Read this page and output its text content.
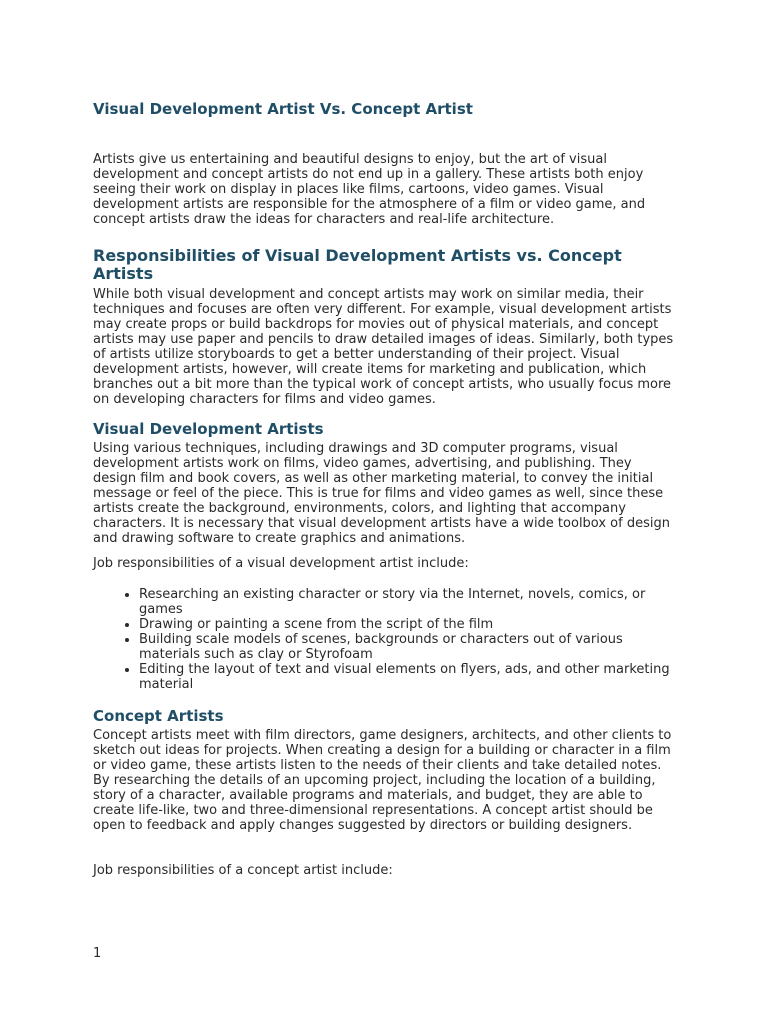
Visual Development Artist Vs. Concept Artist

Artists give us entertaining and beautiful designs to enjoy, but the art of visual development and concept artists do not end up in a gallery. These artists both enjoy seeing their work on display in places like films, cartoons, video games. Visual development artists are responsible for the atmosphere of a film or video game, and concept artists draw the ideas for characters and real-life architecture.

Responsibilities of Visual Development Artists vs. Concept Artists

While both visual development and concept artists may work on similar media, their techniques and focuses are often very different. For example, visual development artists may create props or build backdrops for movies out of physical materials, and concept artists may use paper and pencils to draw detailed images of ideas. Similarly, both types of artists utilize storyboards to get a better understanding of their project. Visual development artists, however, will create items for marketing and publication, which branches out a bit more than the typical work of concept artists, who usually focus more on developing characters for films and video games.

Visual Development Artists

Using various techniques, including drawings and 3D computer programs, visual development artists work on films, video games, advertising, and publishing. They design film and book covers, as well as other marketing material, to convey the initial message or feel of the piece. This is true for films and video games as well, since these artists create the background, environments, colors, and lighting that accompany characters. It is necessary that visual development artists have a wide toolbox of design and drawing software to create graphics and animations.

Job responsibilities of a visual development artist include:

• Researching an existing character or story via the Internet, novels, comics, or games
• Drawing or painting a scene from the script of the film
• Building scale models of scenes, backgrounds or characters out of various materials such as clay or Styrofoam
• Editing the layout of text and visual elements on flyers, ads, and other marketing material
Concept Artists

Concept artists meet with film directors, game designers, architects, and other clients to sketch out ideas for projects. When creating a design for a building or character in a film or video game, these artists listen to the needs of their clients and take detailed notes. By researching the details of an upcoming project, including the location of a building, story of a character, available programs and materials, and budget, they are able to create life-like, two and three-dimensional representations. A concept artist should be open to feedback and apply changes suggested by directors or building designers.

Job responsibilities of a concept artist include:

1
